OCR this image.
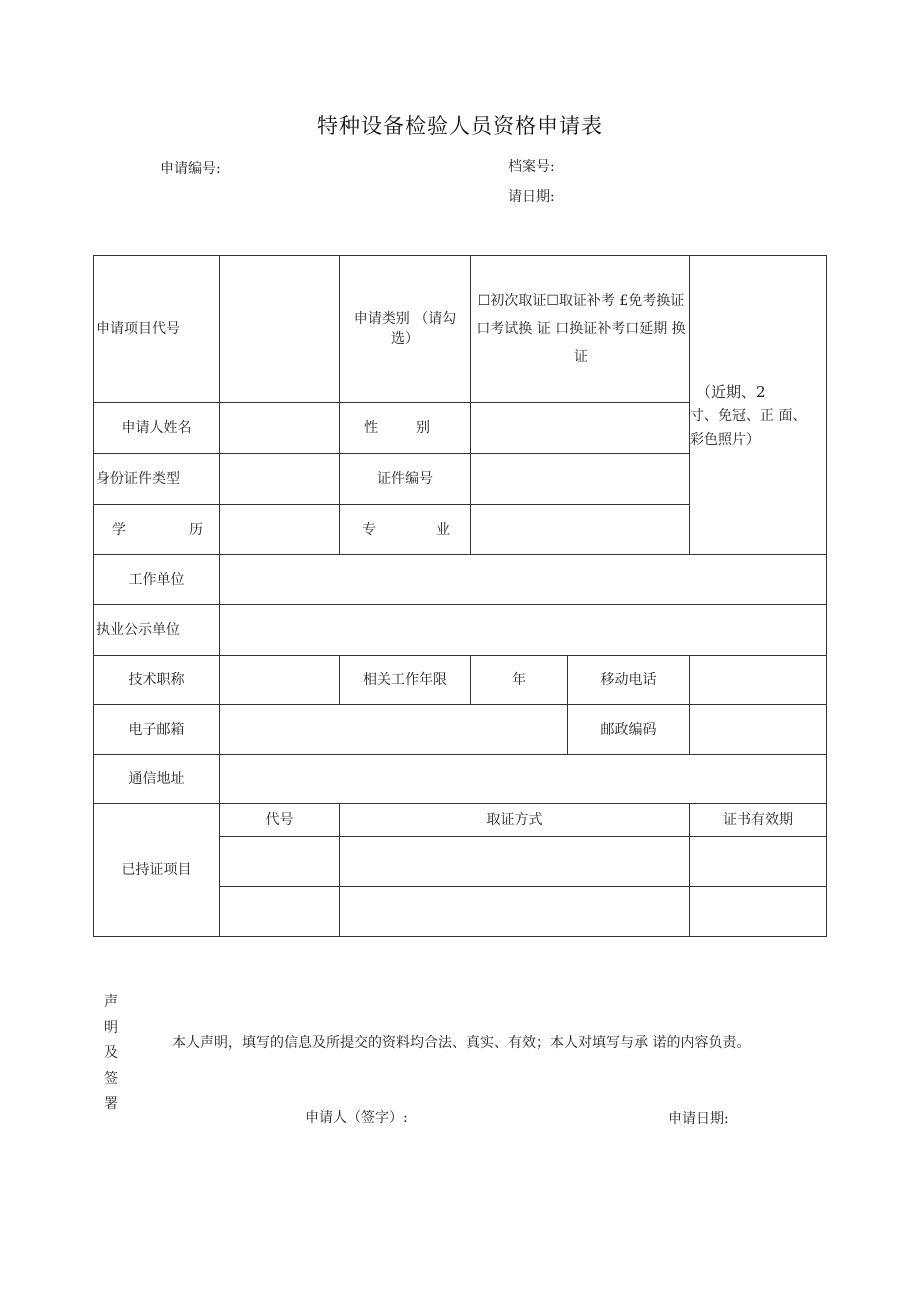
特种设备检验人员资格申请表
申请编号:	档案号:
请日期:
申请项目代号		申请类别 （请勾选）	☐初次取证☐取证补考 £免考换证口考试换 证 口换证补考口延期 换证		（近期、2
寸、免冠、正 面、
彩色照片）

申请人姓名		性 别			

身份证件类型		证件编号			

学 历		专 业			

工作单位					
执业公示单位					
技术职称		相关工作年限	年	移动电话	
电子邮箱				邮政编码	
通信地址					
已持证项目	代号	取证方式			证书有效期

声
明
及
签
署
本人声明，填写的信息及所提交的资料均合法、真实、有效；本人对填写与承 诺的内容负责。
申请人（签字）:	申请日期:
